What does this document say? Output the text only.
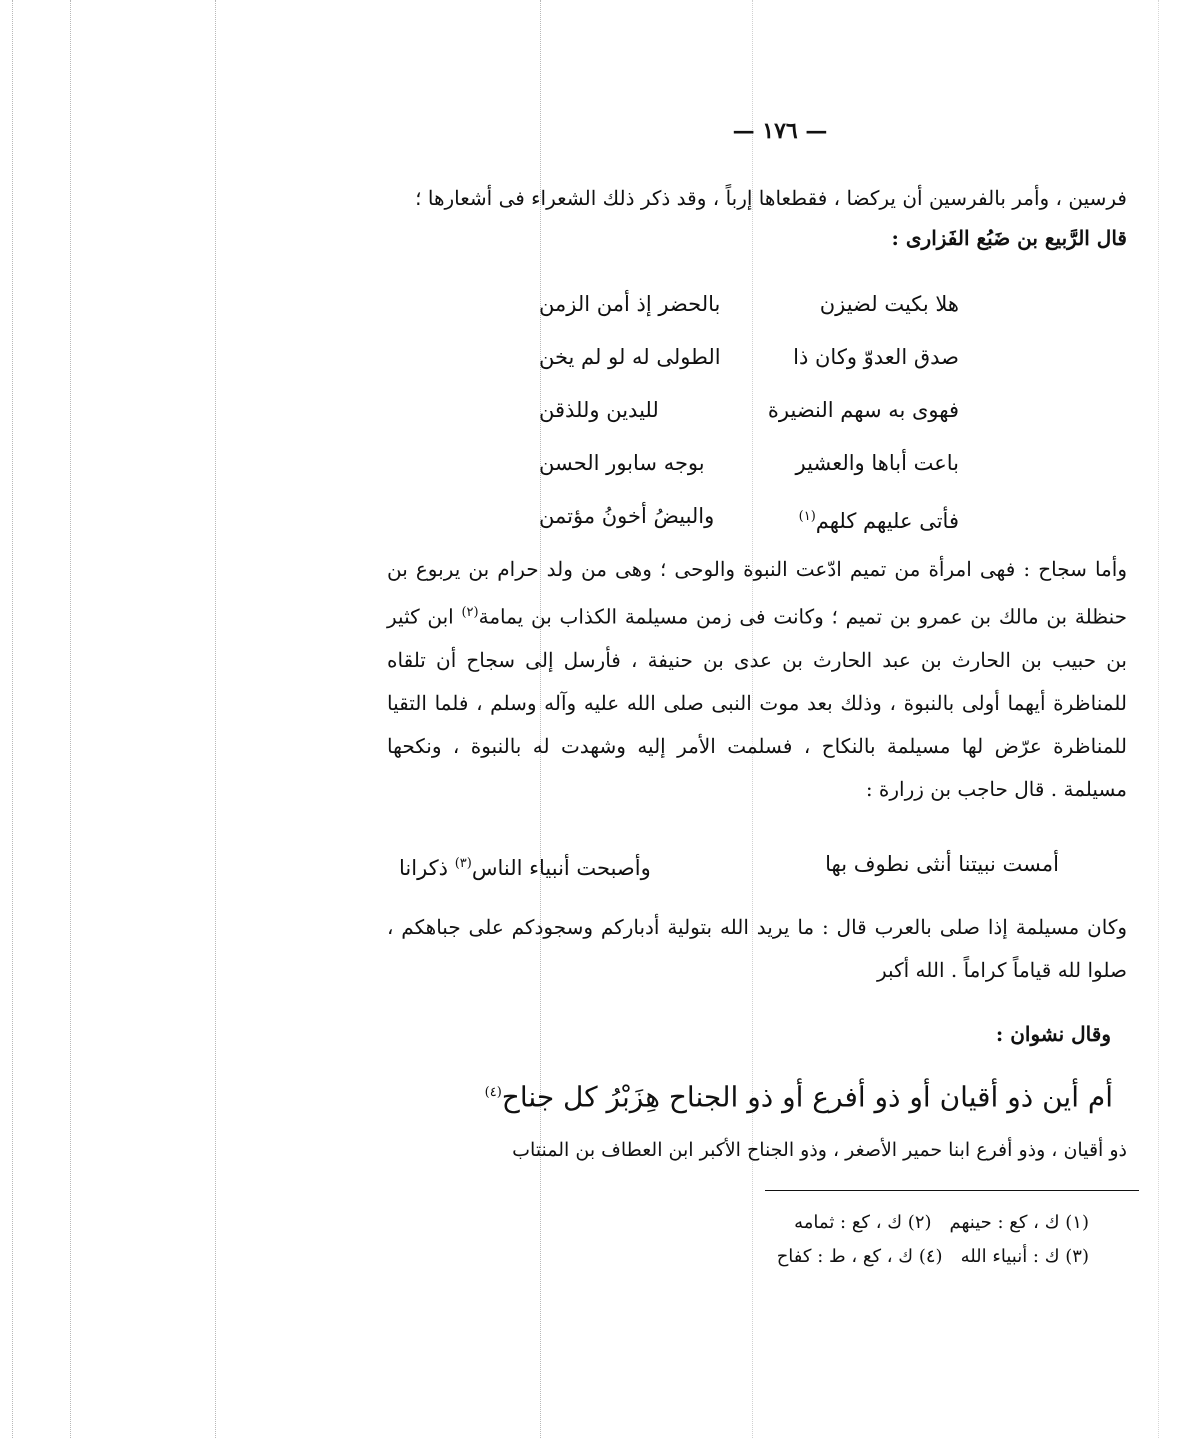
— ١٧٦ —
فرسين ، وأمر بالفرسين أن يركضا ، فقطعاها إرباً ، وقد ذكر ذلك الشعراء فى أشعارها ؛
قال الرَّبيع بن ضَبُع الفَزارى :
هلا بكيت لضيزن
بالحضر إذ أمن الزمن
صدق العدوّ وكان ذا
الطولى له لو لم يخن
فهوى به سهم النضيرة
لليدين وللذقن
باعت أباها والعشير
بوجه سابور الحسن
فأتى عليهم كلهم(١)
والبيضُ أخونُ مؤتمن
وأما سجاح : فهى امرأة من تميم ادّعت النبوة والوحى ؛ وهى من ولد حرام بن يربوع بن حنظلة بن مالك بن عمرو بن تميم ؛ وكانت فى زمن مسيلمة الكذاب بن يمامة$^{(٢)}$ ابن كثير بن حبيب بن الحارث بن عبد الحارث بن عدى بن حنيفة ، فأرسل إلى سجاح أن تلقاه للمناظرة أيهما أولى بالنبوة ، وذلك بعد موت النبى صلى الله عليه وآله وسلم ، فلما التقيا للمناظرة عرّض لها مسيلمة بالنكاح ، فسلمت الأمر إليه وشهدت له بالنبوة ، ونكحها مسيلمة . قال حاجب بن زرارة :
أمست نبيتنا أنثى نطوف بها
وأصبحت أنبياء الناس$^{(٣)}$ ذكرانا
وكان مسيلمة إذا صلى بالعرب قال : ما يريد الله بتولية أدباركم وسجودكم على جباهكم ، صلوا لله قياماً كراماً . الله أكبر
وقال نشوان :
أم أين ذو أقيان أو ذو أفرع أو ذو الجناح هِزَبْرُ كل جناح$^{(٤)}$
ذو أقيان ، وذو أفرع ابنا حمير الأصغر ، وذو الجناح الأكبر ابن العطاف بن المنتاب
(١) ك ، كع : حينهم
(٢) ك ، كع : ثمامه
(٣) ك : أنبياء الله
(٤) ك ، كع ، ط : كفاح
